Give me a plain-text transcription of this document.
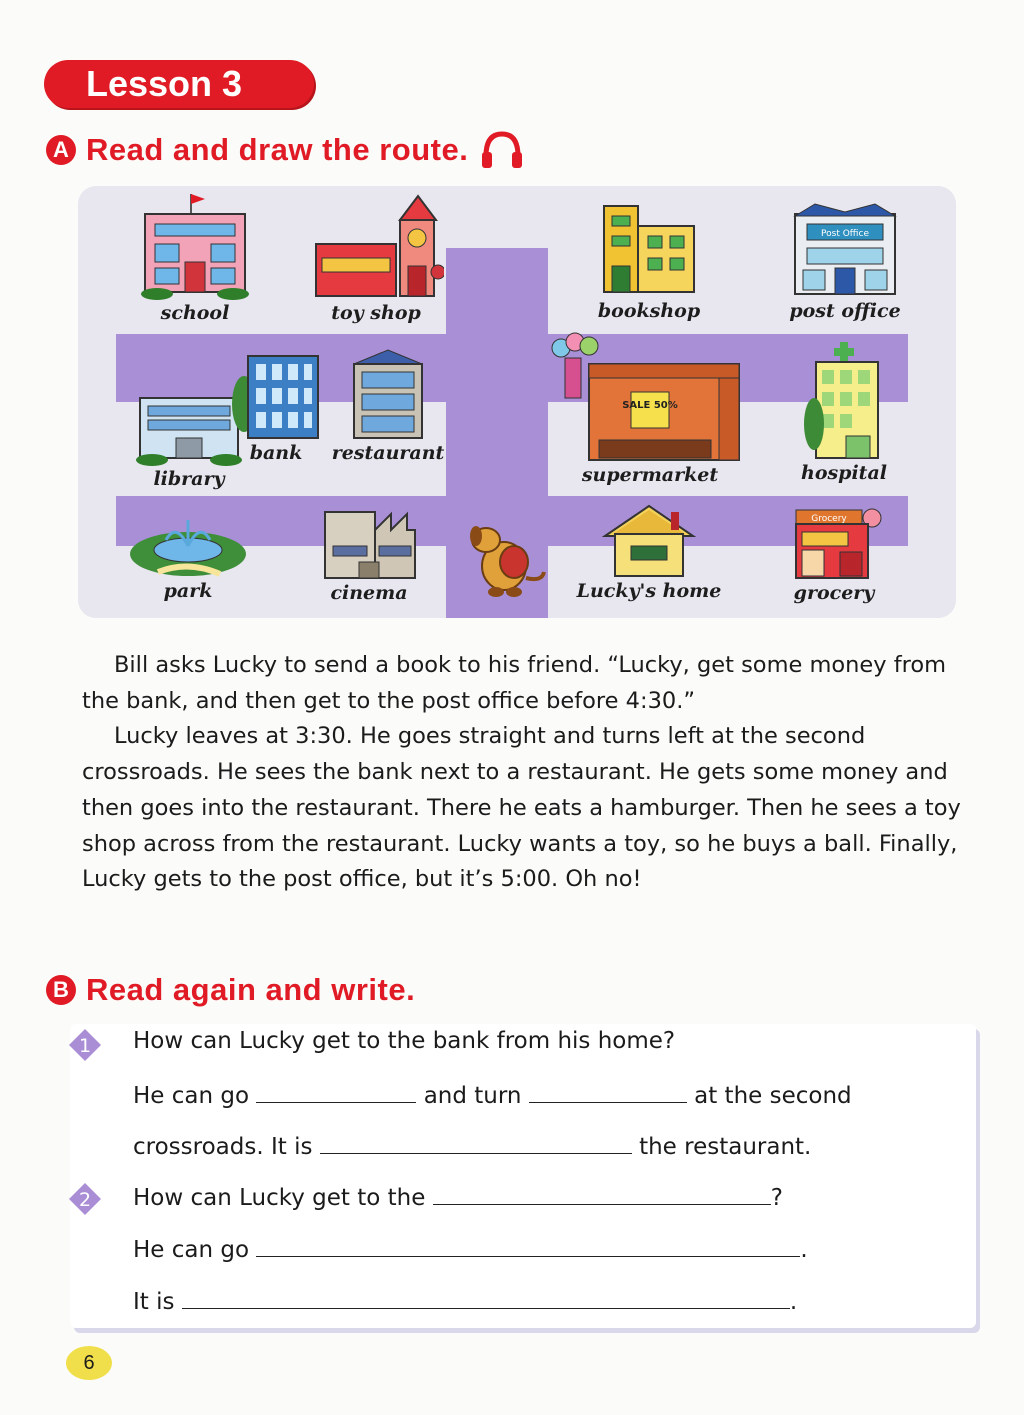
Lesson 3
A Read and draw the route.
school	toy shop	bookshop
Post Office
post office
library
bank restaurant
SALE 50%
supermarket	hospital
park	cinema	Lucky's home
Grocery
grocery

Bill asks Lucky to send a book to his friend. “Lucky, get some money from the bank, and then get to the post office before 4:30.”

Lucky leaves at 3:30. He goes straight and turns left at the second crossroads. He sees the bank next to a restaurant. He gets some money and then goes into the restaurant. There he eats a hamburger. Then he sees a toy shop across from the restaurant. Lucky wants a toy, so he buys a ball. Finally, Lucky gets to the post office, but it’s 5:00. Oh no!

B Read again and write.
1 How can Lucky get to the bank from his home?
He can go	and turn	at the second
crossroads. It is	the restaurant.
2 How can Lucky get to the	?
He can go	.
It is	.
6
